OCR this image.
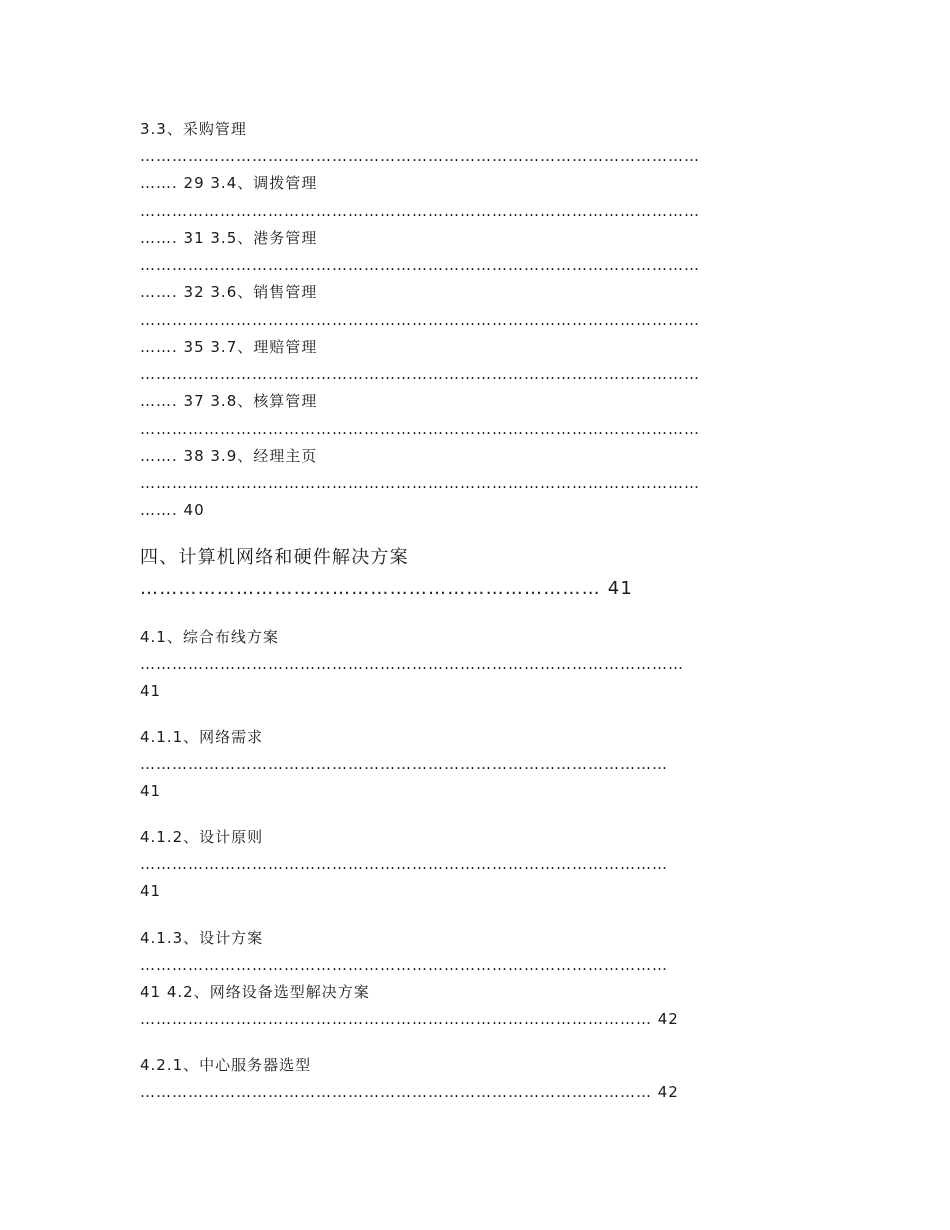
3.3、采购管理
……………………………………………………………………………………………
……. 29 3.4、调拨管理
……………………………………………………………………………………………
……. 31 3.5、港务管理
……………………………………………………………………………………………
……. 32 3.6、销售管理
……………………………………………………………………………………………
……. 35 3.7、理赔管理
……………………………………………………………………………………………
……. 37 3.8、核算管理
……………………………………………………………………………………………
……. 38 3.9、经理主页
……………………………………………………………………………………………
……. 40
四、计算机网络和硬件解决方案
……………………………………………………………… 41
4.1、综合布线方案
…………………………………………………………………………………………
41
4.1.1、网络需求
………………………………………………………………………………………
41
4.1.2、设计原则
………………………………………………………………………………………
41
4.1.3、设计方案
………………………………………………………………………………………
41 4.2、网络设备选型解决方案
…………………………………………………………………………………… 42
4.2.1、中心服务器选型
…………………………………………………………………………………… 42
